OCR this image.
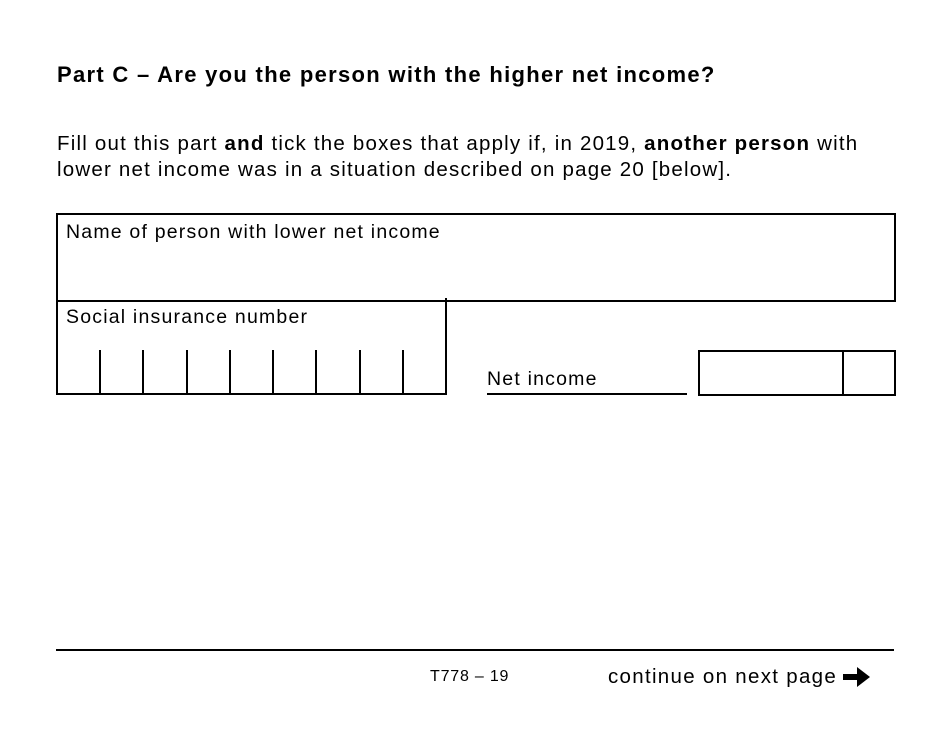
Part C – Are you the person with the higher net income?
Fill out this part and tick the boxes that apply if, in 2019, another person with lower net income was in a situation described on page 20 [below].
Name of person with lower net income
Social insurance number
Net income
T778 – 19	continue on next page
